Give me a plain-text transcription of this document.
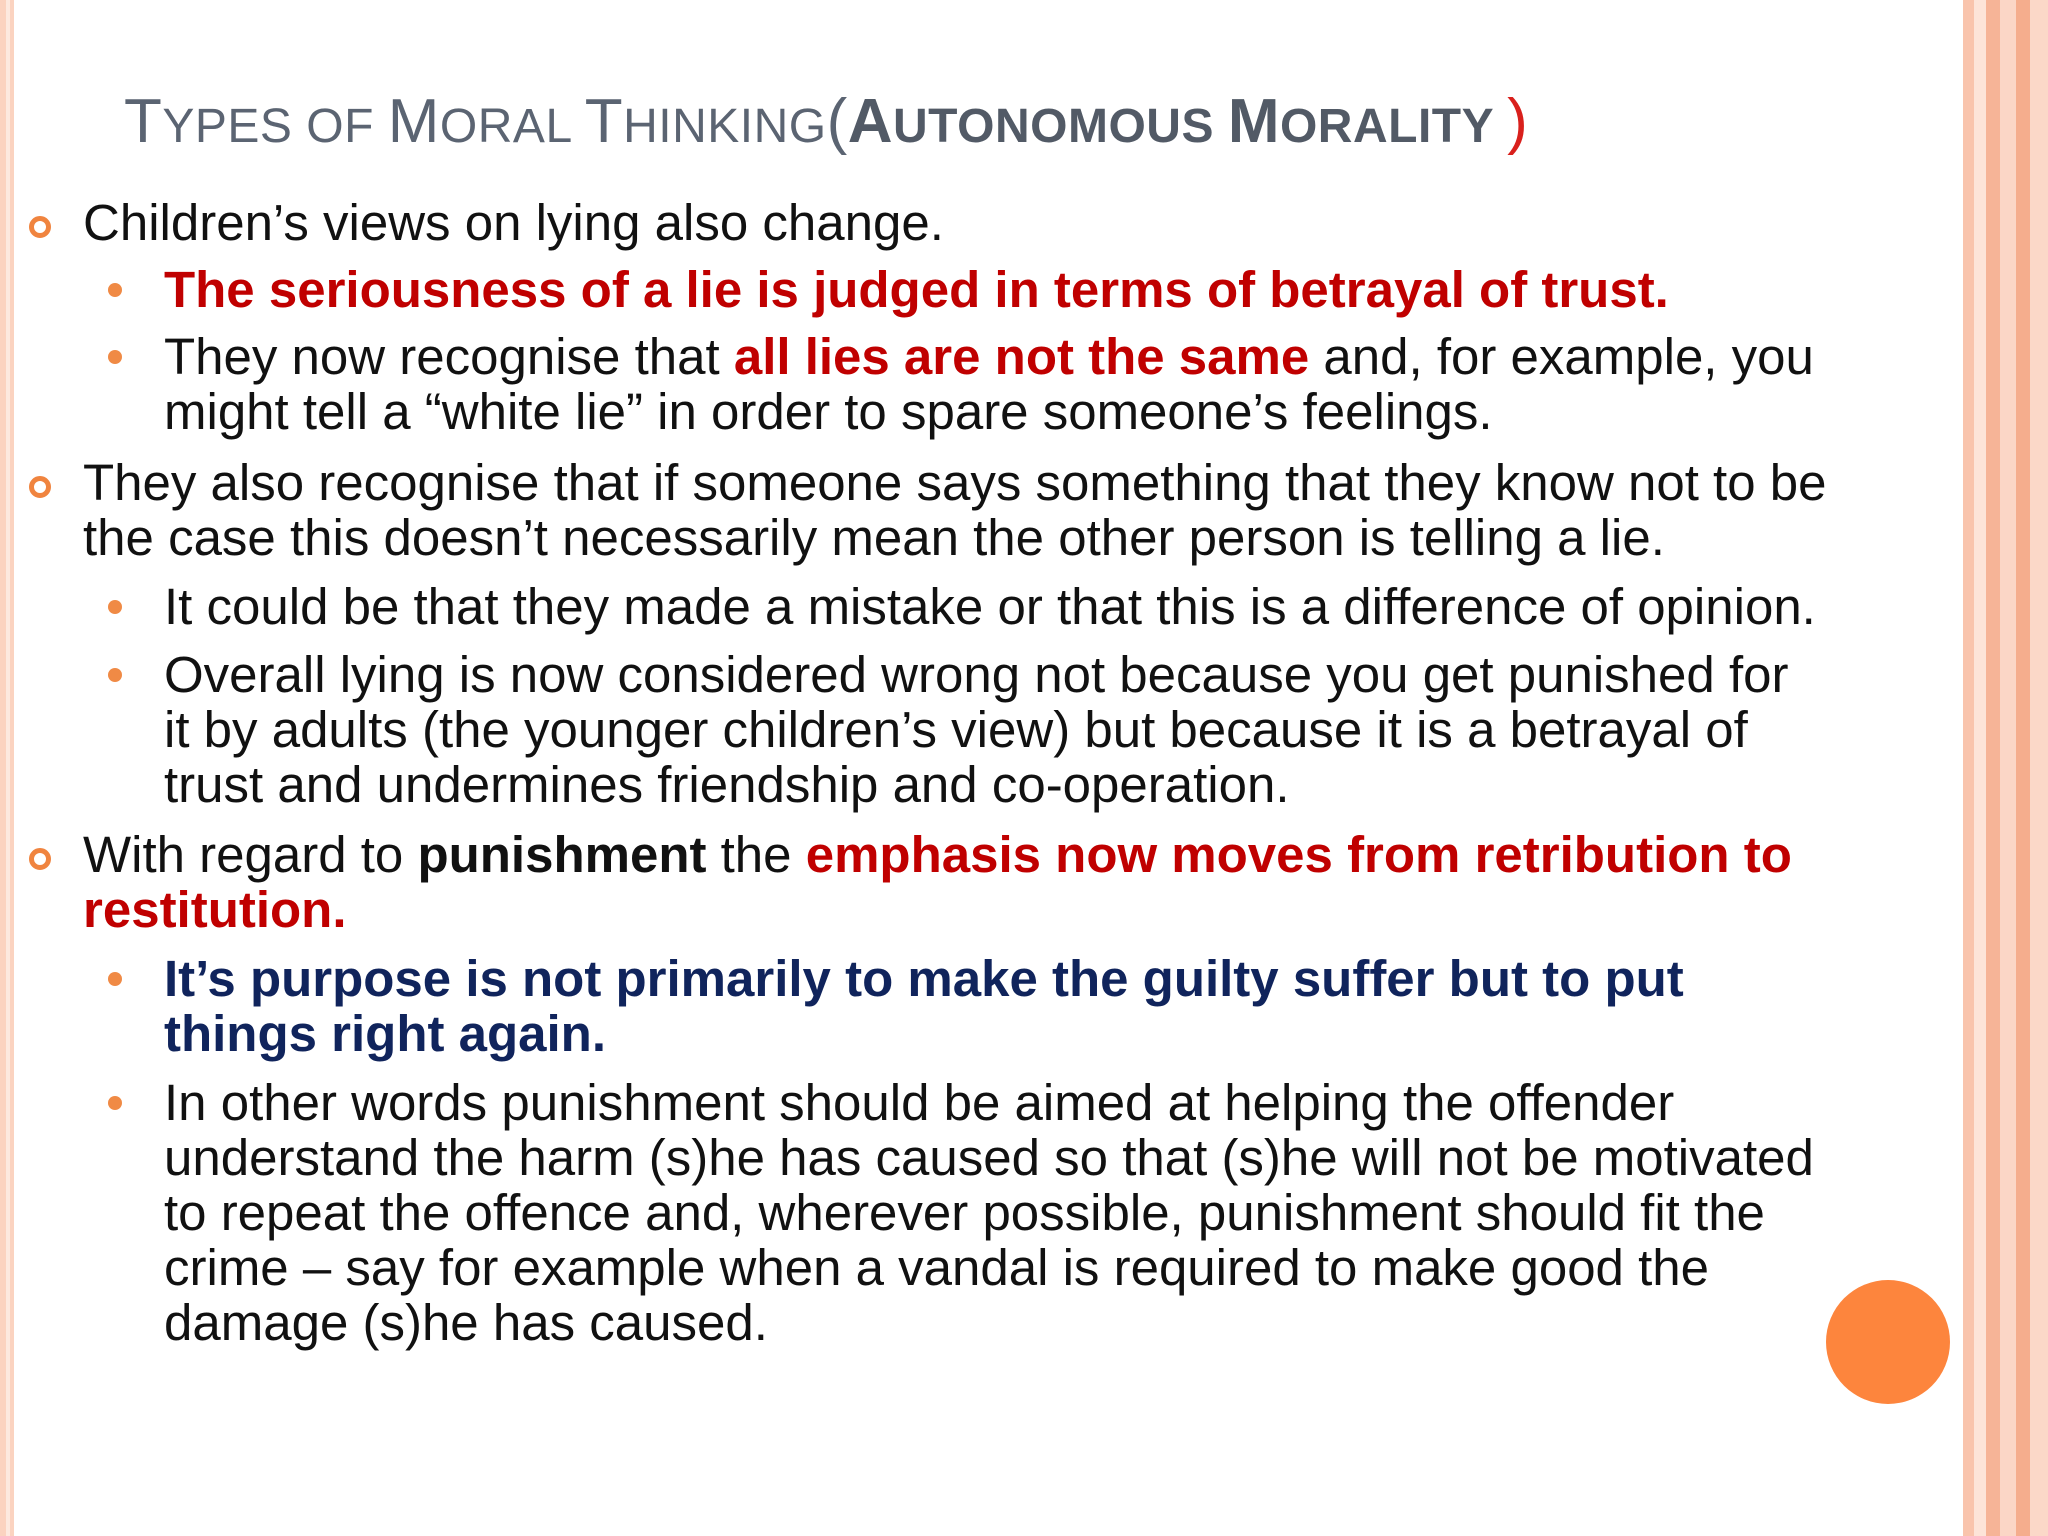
TYPES OF MORAL THINKING(AUTONOMOUS MORALITY )
Children’s views on lying also change.
The seriousness of a lie is judged in terms of betrayal of trust.
They now recognise that all lies are not the same and, for example, you
might tell a “white lie” in order to spare someone’s feelings.
They also recognise that if someone says something that they know not to be
the case this doesn’t necessarily mean the other person is telling a lie.
It could be that they made a mistake or that this is a difference of opinion.
Overall lying is now considered wrong not because you get punished for
it by adults (the younger children’s view) but because it is a betrayal of
trust and undermines friendship and co-operation.
With regard to punishment the emphasis now moves from retribution to
restitution.
It’s purpose is not primarily to make the guilty suffer but to put
things right again.
In other words punishment should be aimed at helping the offender
understand the harm (s)he has caused so that (s)he will not be motivated
to repeat the offence and, wherever possible, punishment should fit the
crime – say for example when a vandal is required to make good the
damage (s)he has caused.
